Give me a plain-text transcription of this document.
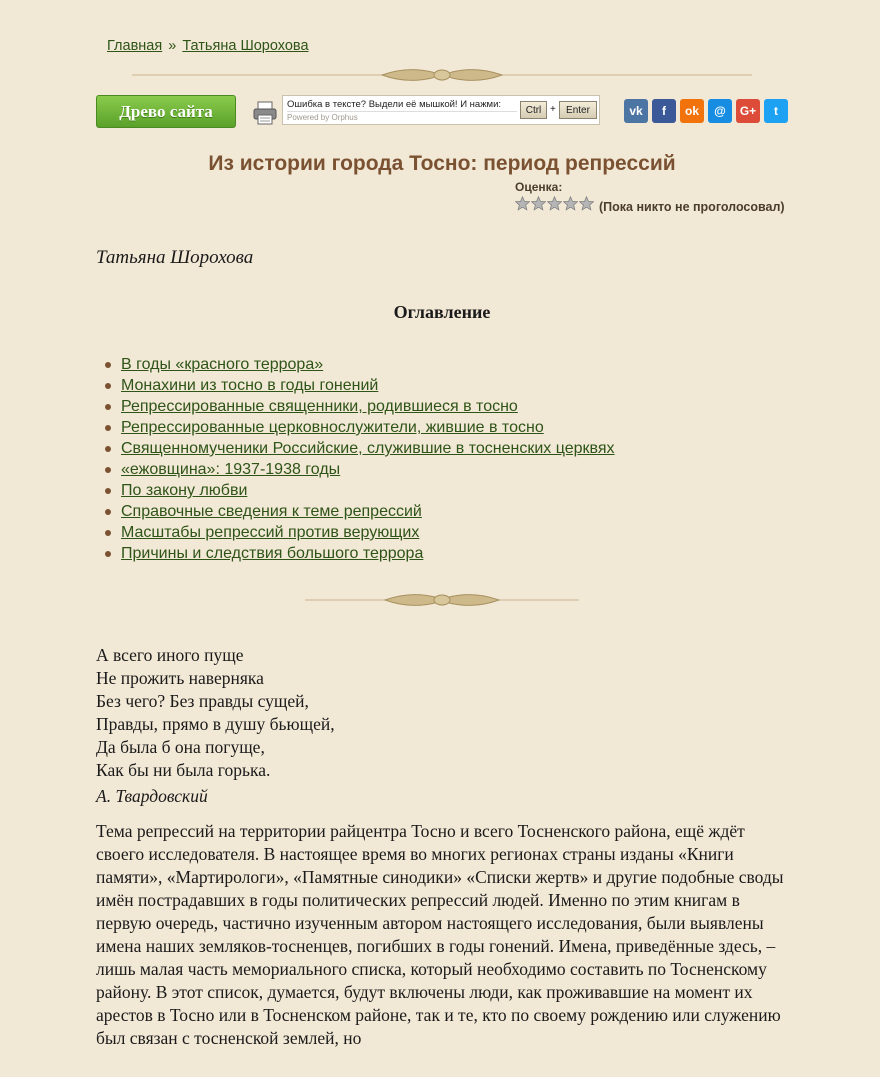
Главная » Татьяна Шорохова
Древо сайта	Ошибка в тексте? Выдели её мышкой! И нажми:
Powered by Orphus
Ctrl +	Enter	vk	f	ok	@	G+	t
Из истории города Тосно: период репрессий
Оценка:
(Пока никто не проголосовал)
Татьяна Шорохова
Оглавление
В годы «красного террора»
Монахини из тосно в годы гонений
Репрессированные священники, родившиеся в тосно
Репрессированные церковнослужители, жившие в тосно
Священномученики Российские, служившие в тосненских церквях
«ежовщина»: 1937-1938 годы
По закону любви
Справочные сведения к теме репрессий
Масштабы репрессий против верующих
Причины и следствия большого террора
А всего иного пуще
Не прожить наверняка
Без чего? Без правды сущей,
Правды, прямо в душу бьющей,
Да была б она погуще,
Как бы ни была горька.
А. Твардовский

Тема репрессий на территории райцентра Тосно и всего Тосненского района, ещё ждёт своего исследователя. В настоящее время во многих регионах страны изданы «Книги памяти», «Мартирологи», «Памятные синодики» «Списки жертв» и другие подобные своды имён пострадавших в годы политических репрессий людей. Именно по этим книгам в первую очередь, частично изученным автором настоящего исследования, были выявлены имена наших земляков-тосненцев, погибших в годы гонений. Имена, приведённые здесь, – лишь малая часть мемориального списка, который необходимо составить по Тосненскому району. В этот список, думается, будут включены люди, как проживавшие на момент их арестов в Тосно или в Тосненском районе, так и те, кто по своему рождению или служению был связан с тосненской землей, но
